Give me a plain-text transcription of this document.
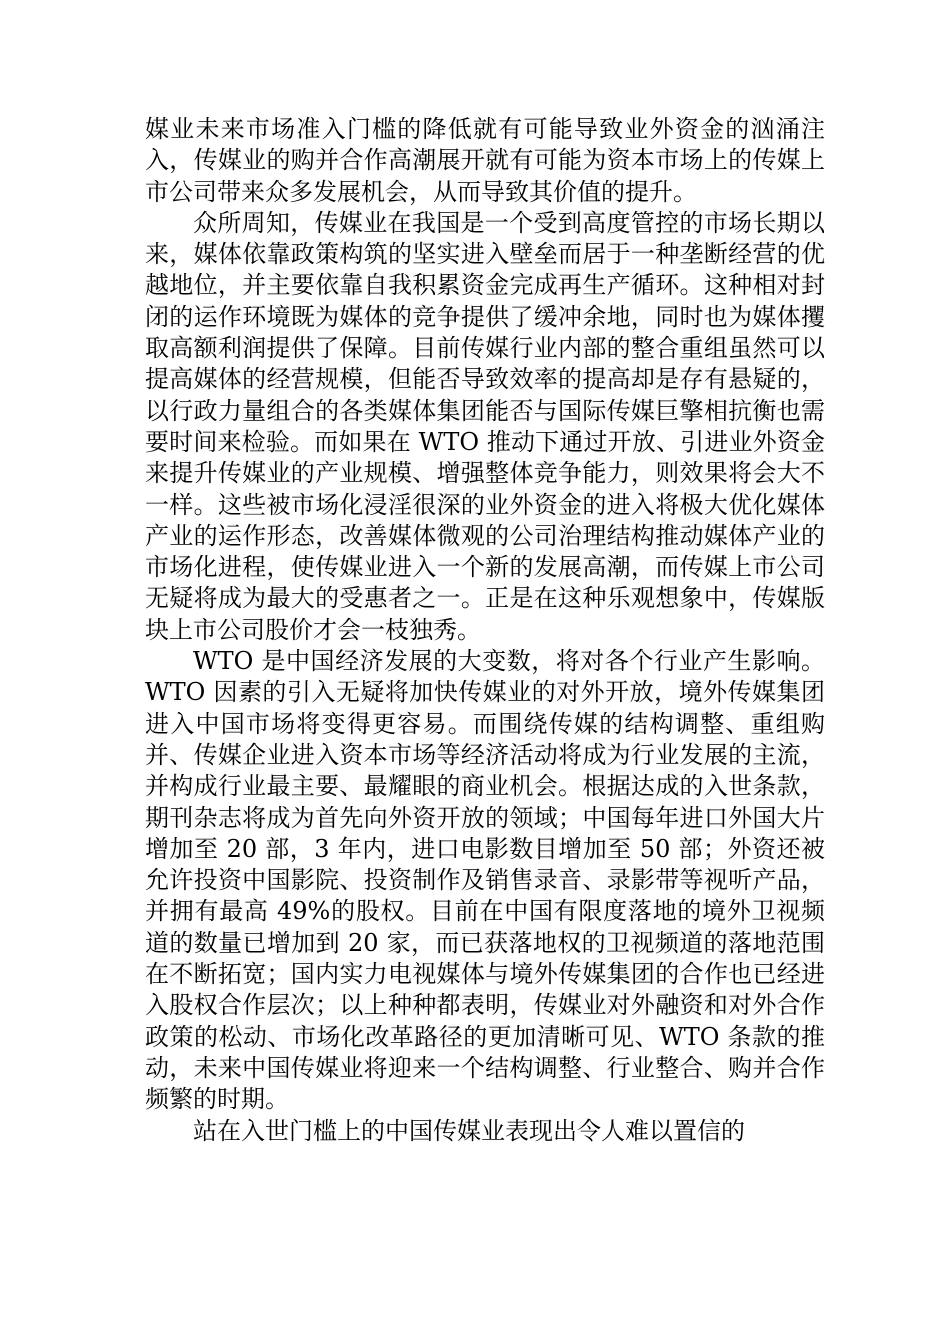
媒业未来市场准入门槛的降低就有可能导致业外资金的汹涌注入，传媒业的购并合作高潮展开就有可能为资本市场上的传媒上市公司带来众多发展机会，从而导致其价值的提升。

众所周知，传媒业在我国是一个受到高度管控的市场长期以来，媒体依靠政策构筑的坚实进入壁垒而居于一种垄断经营的优越地位，并主要依靠自我积累资金完成再生产循环。这种相对封闭的运作环境既为媒体的竞争提供了缓冲余地，同时也为媒体攫取高额利润提供了保障。目前传媒行业内部的整合重组虽然可以提高媒体的经营规模，但能否导致效率的提高却是存有悬疑的，以行政力量组合的各类媒体集团能否与国际传媒巨擎相抗衡也需要时间来检验。而如果在 WTO 推动下通过开放、引进业外资金来提升传媒业的产业规模、增强整体竞争能力，则效果将会大不一样。这些被市场化浸淫很深的业外资金的进入将极大优化媒体产业的运作形态，改善媒体微观的公司治理结构推动媒体产业的市场化进程，使传媒业进入一个新的发展高潮，而传媒上市公司无疑将成为最大的受惠者之一。正是在这种乐观想象中，传媒版块上市公司股价才会一枝独秀。

WTO 是中国经济发展的大变数，将对各个行业产生影响。WTO 因素的引入无疑将加快传媒业的对外开放，境外传媒集团进入中国市场将变得更容易。而围绕传媒的结构调整、重组购并、传媒企业进入资本市场等经济活动将成为行业发展的主流，并构成行业最主要、最耀眼的商业机会。根据达成的入世条款，期刊杂志将成为首先向外资开放的领域；中国每年进口外国大片增加至 20 部，3 年内，进口电影数目增加至 50 部；外资还被允许投资中国影院、投资制作及销售录音、录影带等视听产品，并拥有最高 49%的股权。目前在中国有限度落地的境外卫视频道的数量已增加到 20 家，而已获落地权的卫视频道的落地范围在不断拓宽；国内实力电视媒体与境外传媒集团的合作也已经进入股权合作层次；以上种种都表明，传媒业对外融资和对外合作政策的松动、市场化改革路径的更加清晰可见、WTO 条款的推动，未来中国传媒业将迎来一个结构调整、行业整合、购并合作频繁的时期。

站在入世门槛上的中国传媒业表现出令人难以置信的
